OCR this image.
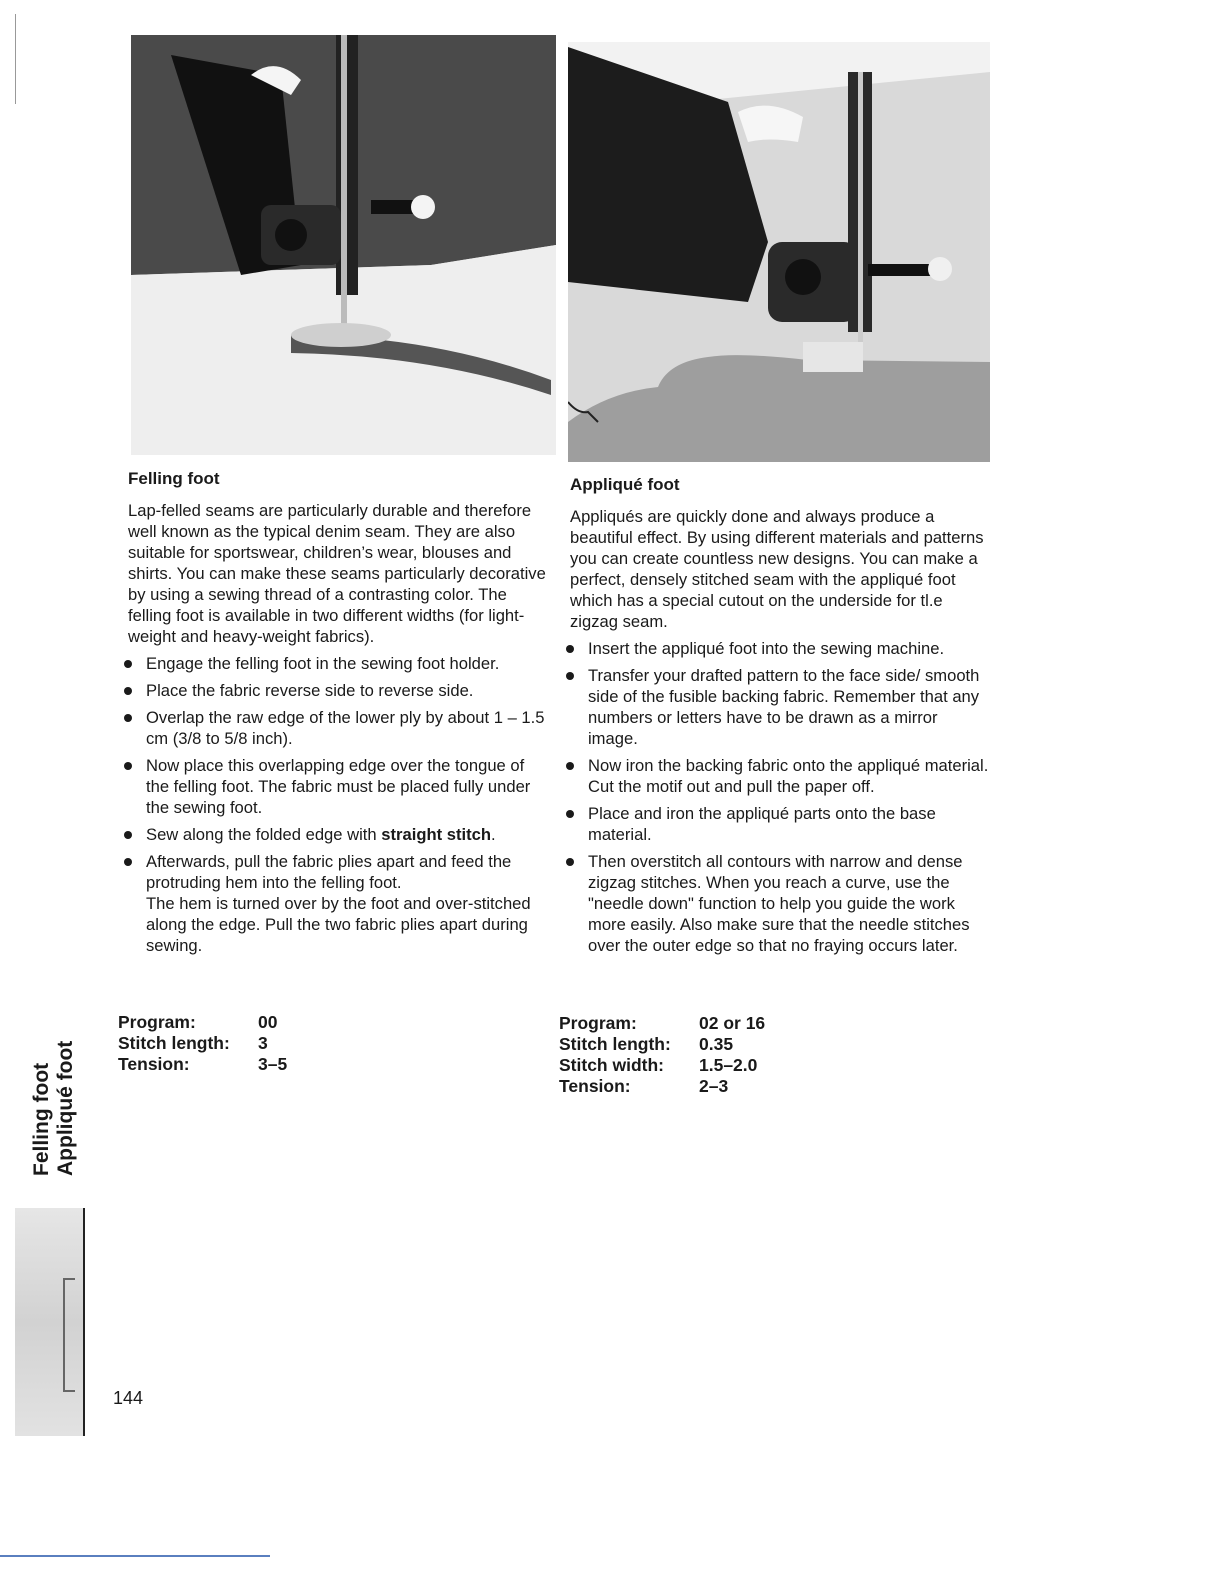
Felling foot

Lap-felled seams are particularly durable and therefore well known as the typical denim seam. They are also suitable for sportswear, children’s wear, blouses and shirts. You can make these seams particularly decorative by using a sewing thread of a contrasting color. The felling foot is available in two different widths (for light-weight and heavy-weight fabrics).

Engage the felling foot in the sewing foot holder.
Place the fabric reverse side to reverse side.
Overlap the raw edge of the lower ply by about 1 – 1.5 cm (3/8 to 5/8 inch).
Now place this overlapping edge over the tongue of the felling foot. The fabric must be placed fully under the sewing foot.
Sew along the folded edge with straight stitch.
Afterwards, pull the fabric plies apart and feed the protruding hem into the felling foot.
The hem is turned over by the foot and over-stitched along the edge. Pull the two fabric plies apart during sewing.
Appliqué foot

Appliqués are quickly done and always produce a beautiful effect. By using different materials and patterns you can create countless new designs. You can make a perfect, densely stitched seam with the appliqué foot which has a special cutout on the underside for tl.e zigzag seam.

Insert the appliqué foot into the sewing machine.
Transfer your drafted pattern to the face side/ smooth side of the fusible backing fabric. Remember that any numbers or letters have to be drawn as a mirror image.
Now iron the backing fabric onto the appliqué material. Cut the motif out and pull the paper off.
Place and iron the appliqué parts onto the base material.
Then overstitch all contours with narrow and dense zigzag stitches. When you reach a curve, use the "needle down" function to help you guide the work more easily. Also make sure that the needle stitches over the outer edge so that no fraying occurs later.
Program:	00
Stitch length:	3
Tension:	3–5
Program:	02 or 16
Stitch length:	0.35
Stitch width:	1.5–2.0
Tension:	2–3
Felling foot Appliqué foot
144
